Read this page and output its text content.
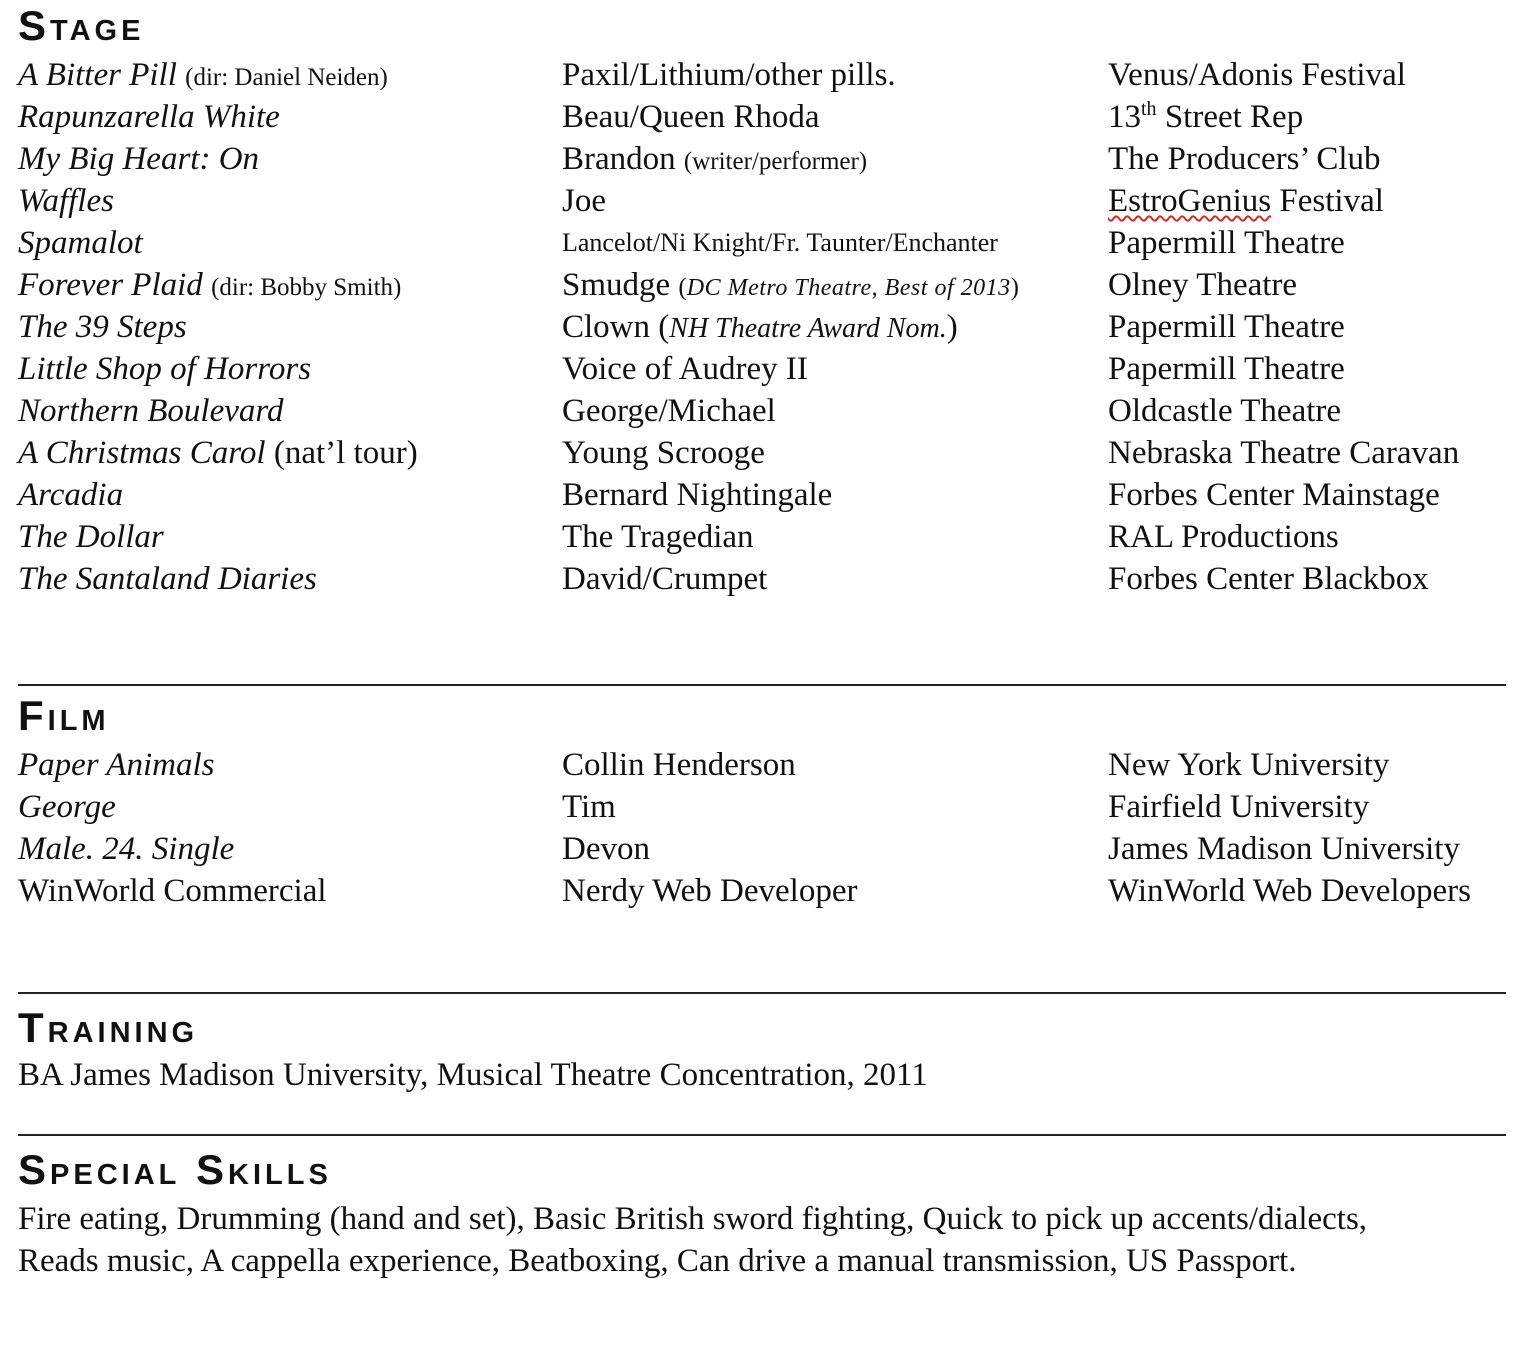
Stage
A Bitter Pill (dir: Daniel Neiden)	Paxil/Lithium/other pills.	Venus/Adonis Festival
Rapunzarella White	Beau/Queen Rhoda	13th Street Rep
My Big Heart: On	Brandon (writer/performer)	The Producers’ Club
Waffles	Joe	EstroGenius Festival
Spamalot	Lancelot/Ni Knight/Fr. Taunter/Enchanter	Papermill Theatre
Forever Plaid (dir: Bobby Smith)	Smudge (DC Metro Theatre, Best of 2013)	Olney Theatre
The 39 Steps	Clown (NH Theatre Award Nom.)	Papermill Theatre
Little Shop of Horrors	Voice of Audrey II	Papermill Theatre
Northern Boulevard	George/Michael	Oldcastle Theatre
A Christmas Carol (nat’l tour)	Young Scrooge	Nebraska Theatre Caravan
Arcadia	Bernard Nightingale	Forbes Center Mainstage
The Dollar	The Tragedian	RAL Productions
The Santaland Diaries	David/Crumpet	Forbes Center Blackbox
Film
Paper Animals	Collin Henderson	New York University
George	Tim	Fairfield University
Male. 24. Single	Devon	James Madison University
WinWorld Commercial	Nerdy Web Developer	WinWorld Web Developers
Training
BA James Madison University, Musical Theatre Concentration, 2011
Special Skills
Fire eating, Drumming (hand and set), Basic British sword fighting, Quick to pick up accents/dialects,
Reads music, A cappella experience, Beatboxing, Can drive a manual transmission, US Passport.
